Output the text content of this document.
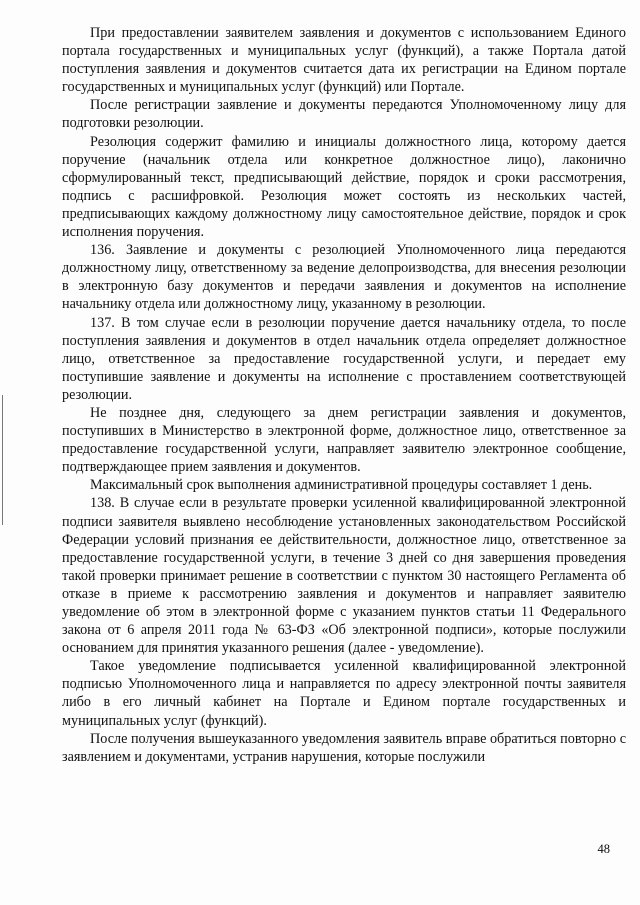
При предоставлении заявителем заявления и документов с использованием Единого портала государственных и муниципальных услуг (функций), а также Портала датой поступления заявления и документов считается дата их регистрации на Едином портале государственных и муниципальных услуг (функций) или Портале.

После регистрации заявление и документы передаются Уполномоченному лицу для подготовки резолюции.

Резолюция содержит фамилию и инициалы должностного лица, которому дается поручение (начальник отдела или конкретное должностное лицо), лаконично сформулированный текст, предписывающий действие, порядок и сроки рассмотрения, подпись с расшифровкой. Резолюция может состоять из нескольких частей, предписывающих каждому должностному лицу самостоятельное действие, порядок и срок исполнения поручения.

136. Заявление и документы с резолюцией Уполномоченного лица передаются должностному лицу, ответственному за ведение делопроизводства, для внесения резолюции в электронную базу документов и передачи заявления и документов на исполнение начальнику отдела или должностному лицу, указанному в резолюции.

137. В том случае если в резолюции поручение дается начальнику отдела, то после поступления заявления и документов в отдел начальник отдела определяет должностное лицо, ответственное за предоставление государственной услуги, и передает ему поступившие заявление и документы на исполнение с проставлением соответствующей резолюции.

Не позднее дня, следующего за днем регистрации заявления и документов, поступивших в Министерство в электронной форме, должностное лицо, ответственное за предоставление государственной услуги, направляет заявителю электронное сообщение, подтверждающее прием заявления и документов.

Максимальный срок выполнения административной процедуры составляет 1 день.

138. В случае если в результате проверки усиленной квалифицированной электронной подписи заявителя выявлено несоблюдение установленных законодательством Российской Федерации условий признания ее действительности, должностное лицо, ответственное за предоставление государственной услуги, в течение 3 дней со дня завершения проведения такой проверки принимает решение в соответствии с пунктом 30 настоящего Регламента об отказе в приеме к рассмотрению заявления и документов и направляет заявителю уведомление об этом в электронной форме с указанием пунктов статьи 11 Федерального закона от 6 апреля 2011 года № 63-ФЗ «Об электронной подписи», которые послужили основанием для принятия указанного решения (далее - уведомление).

Такое уведомление подписывается усиленной квалифицированной электронной подписью Уполномоченного лица и направляется по адресу электронной почты заявителя либо в его личный кабинет на Портале и Едином портале государственных и муниципальных услуг (функций).

После получения вышеуказанного уведомления заявитель вправе обратиться повторно с заявлением и документами, устранив нарушения, которые послужили

48
